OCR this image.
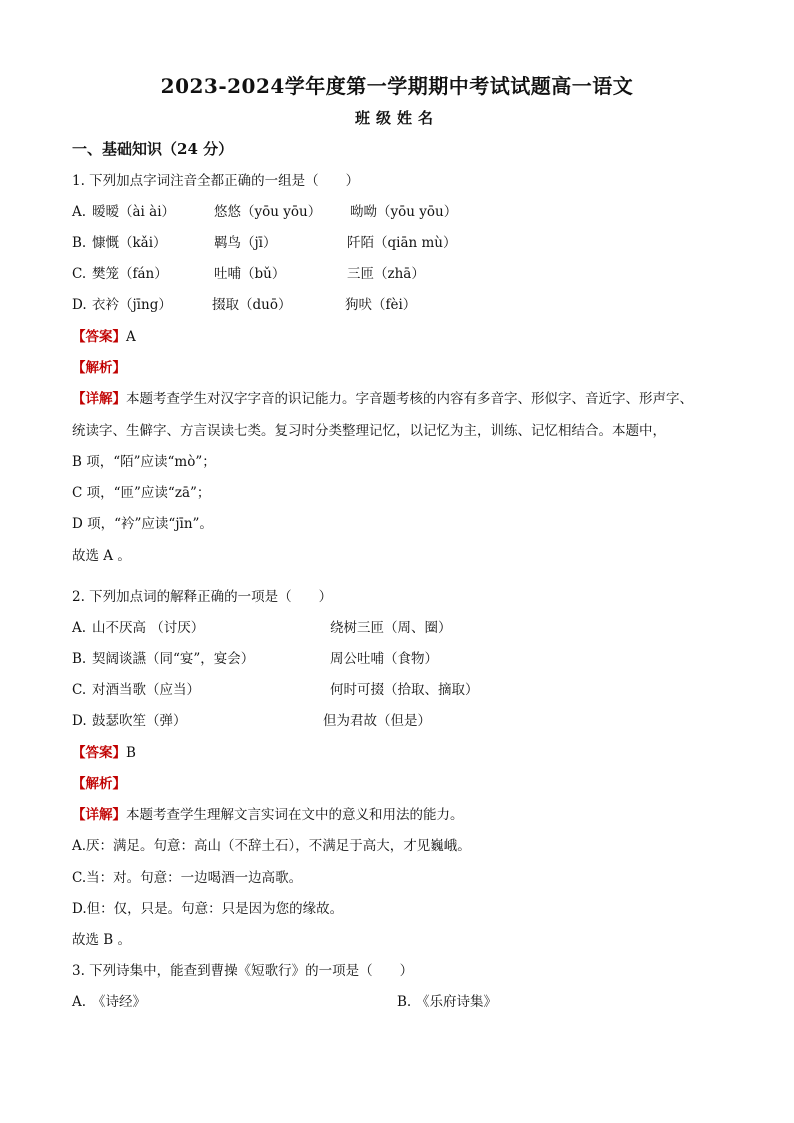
2023-2024学年度第一学期期中考试试题高一语文
班级姓名
一、基础知识（24 分）
1. 下列加点字词注音全都正确的一组是（　　）
A. 暧暧（ài ài）	悠悠（yōu yōu） 呦呦（yōu yōu）
B. 慷慨（kǎi）	羁鸟（jī）	阡陌（qiān mù）
C. 樊笼（fán）	吐哺（bǔ）	三匝（zhā）
D. 衣衿（jīng）	掇取（duō）	狗吠（fèi）
【答案】A
【解析】
【详解】本题考查学生对汉字字音的识记能力。字音题考核的内容有多音字、形似字、音近字、形声字、
统读字、生僻字、方言误读七类。复习时分类整理记忆，以记忆为主，训练、记忆相结合。本题中，
B 项，“陌”应读“mò”；
C 项，“匝”应读“zā”；
D 项，“衿”应读“jīn”。
故选 A 。
2. 下列加点词的解释正确的一项是（　　）
A. 山不厌高 （讨厌）	绕树三匝（周、圈）
B. 契阔谈讌（同“宴”，宴会）	周公吐哺（食物）
C. 对酒当歌（应当）	何时可掇（拾取、摘取）
D. 鼓瑟吹笙（弹）	但为君故（但是）
【答案】B
【解析】
【详解】本题考查学生理解文言实词在文中的意义和用法的能力。
A.厌：满足。句意：高山（不辞土石），不满足于高大，才见巍峨。
C.当：对。句意：一边喝酒一边高歌。
D.但：仅，只是。句意：只是因为您的缘故。
故选 B 。
3. 下列诗集中，能查到曹操《短歌行》的一项是（　　）
A. 《诗经》	B. 《乐府诗集》
